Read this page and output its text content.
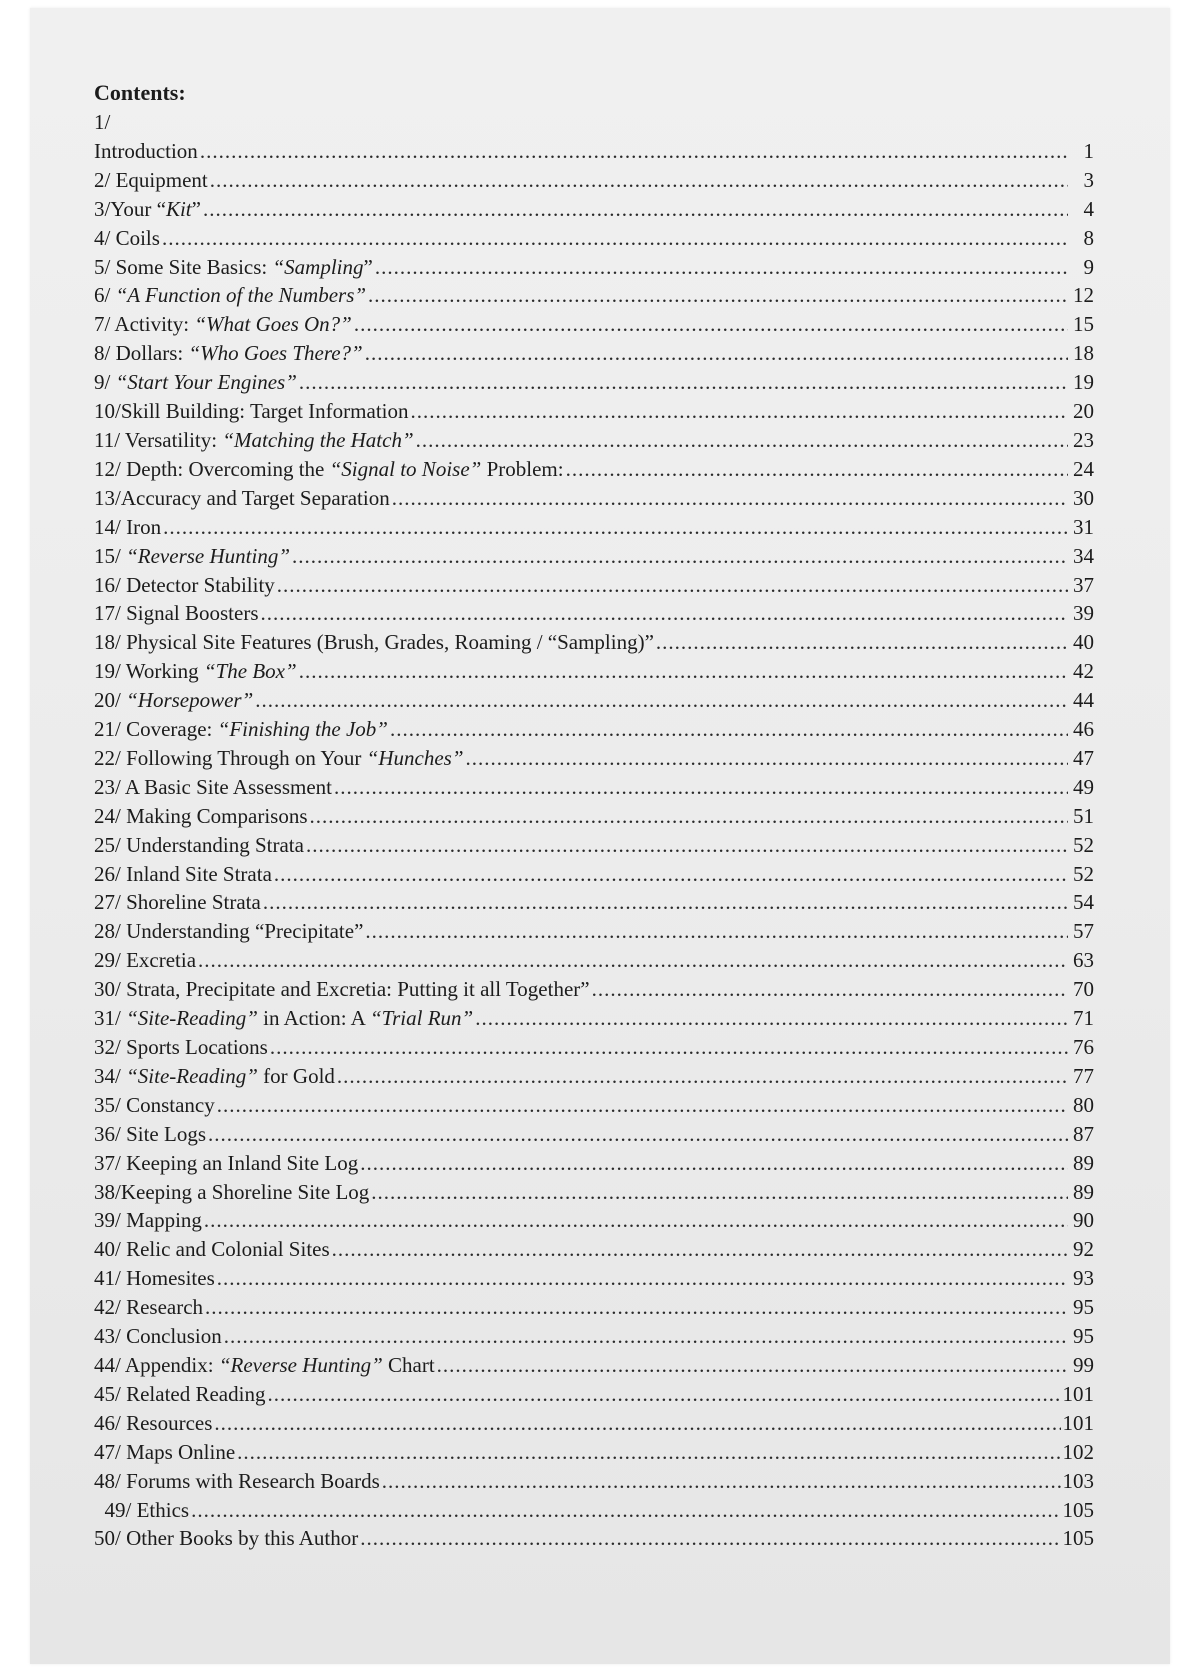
Contents:
1/
Introduction .....	1
2/ Equipment .....	3
3/Your “Kit” .....	4
4/ Coils .....	8
5/ Some Site Basics: “Sampling” .....	9
6/ “A Function of the Numbers” .....	12
7/ Activity: “What Goes On?” .....	15
8/ Dollars: “Who Goes There?” .....	18
9/ “Start Your Engines” .....	19
10/Skill Building: Target Information .....	20
11/ Versatility: “Matching the Hatch” .....	23
12/ Depth: Overcoming the “Signal to Noise” Problem: .....	24
13/Accuracy and Target Separation .....	30
14/ Iron .....	31
15/ “Reverse Hunting” .....	34
16/ Detector Stability .....	37
17/ Signal Boosters .....	39
18/ Physical Site Features (Brush, Grades, Roaming / “Sampling)” .....	40
19/ Working “The Box” .....	42
20/ “Horsepower” .....	44
21/ Coverage: “Finishing the Job” .....	46
22/ Following Through on Your “Hunches” .....	47
23/ A Basic Site Assessment .....	49
24/ Making Comparisons .....	51
25/ Understanding Strata .....	52
26/ Inland Site Strata .....	52
27/ Shoreline Strata .....	54
28/ Understanding “Precipitate” .....	57
29/ Excretia .....	63
30/ Strata, Precipitate and Excretia: Putting it all Together” .....	70
31/ “Site-Reading” in Action: A “Trial Run” .....	71
32/ Sports Locations .....	76
34/ “Site-Reading” for Gold .....	77
35/ Constancy .....	80
36/ Site Logs .....	87
37/ Keeping an Inland Site Log .....	89
38/Keeping a Shoreline Site Log .....	89
39/ Mapping .....	90
40/ Relic and Colonial Sites .....	92
41/ Homesites .....	93
42/ Research .....	95
43/ Conclusion .....	95
44/ Appendix: “Reverse Hunting” Chart .....	99
45/ Related Reading .....	101
46/ Resources .....	101
47/ Maps Online .....	102
48/ Forums with Research Boards .....	103
49/ Ethics .....	105
50/ Other Books by this Author .....	105
